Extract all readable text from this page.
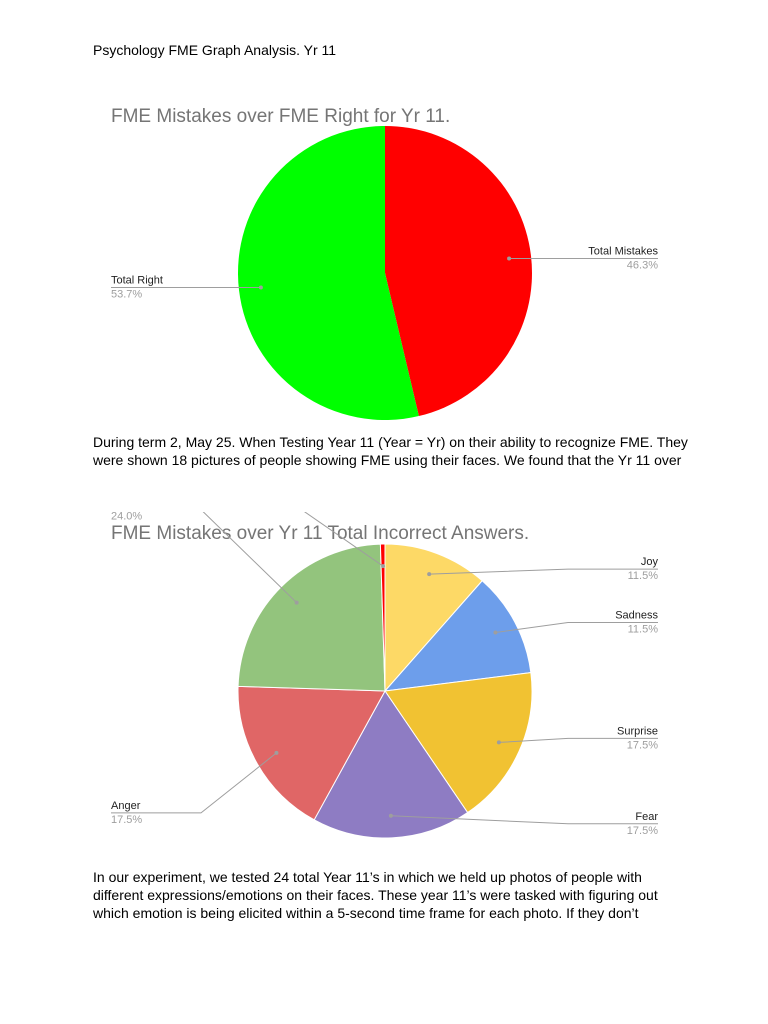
Psychology FME Graph Analysis. Yr 11
FME Mistakes over FME Right for Yr 11.
Total Mistakes
46.3%
Total Right
53.7%
During term 2, May 25. When Testing Year 11 (Year = Yr) on their ability to recognize FME. They were shown 18 pictures of people showing FME using their faces. We found that the Yr 11 over
FME Mistakes over Yr 11 Total Incorrect Answers.
Joy
11.5%
Sadness
11.5%
Surprise
17.5%
Fear
17.5%
Anger
17.5%
24.0%
In our experiment, we tested 24 total Year 11’s in which we held up photos of people with different expressions/emotions on their faces. These year 11’s were tasked with figuring out which emotion is being elicited within a 5-second time frame for each photo. If they don’t
